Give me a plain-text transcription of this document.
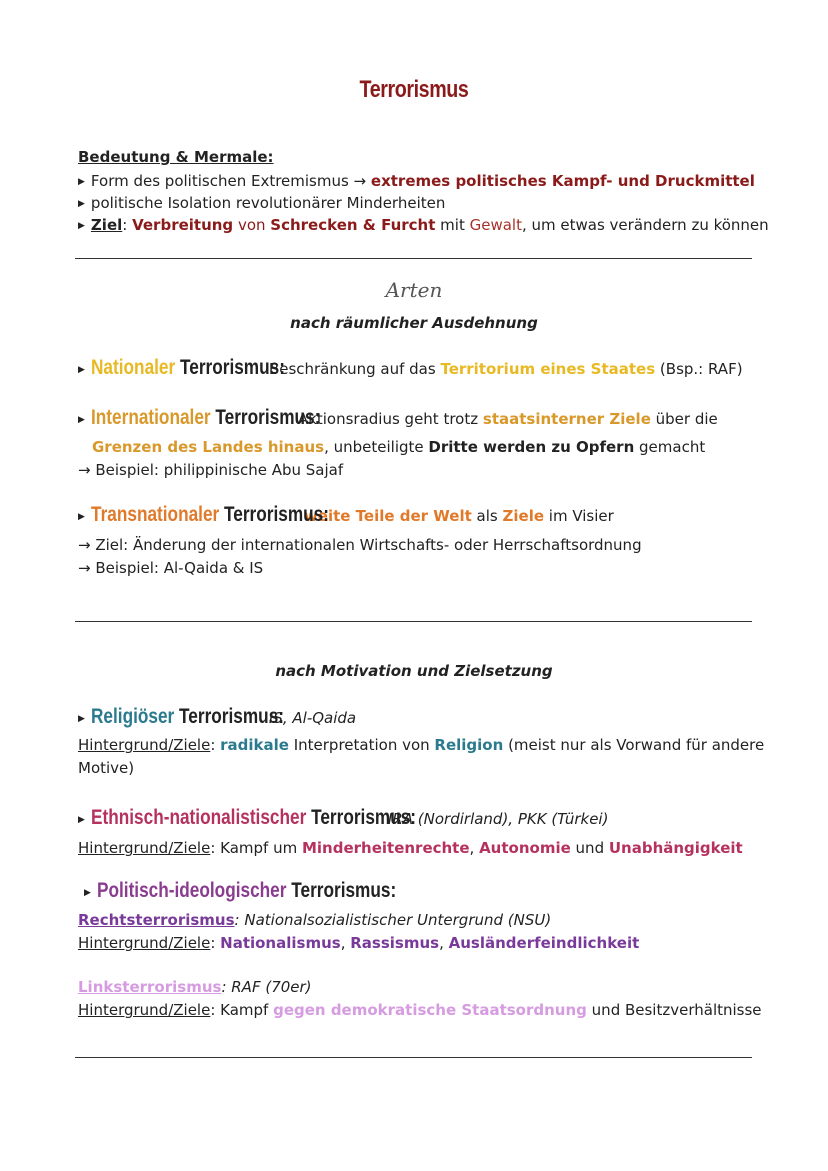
Terrorismus
Bedeutung & Mermale:
▶ Form des politischen Extremismus → extremes politisches Kampf- und Druckmittel
▶ politische Isolation revolutionärer Minderheiten
▶ Ziel: Verbreitung von Schrecken & Furcht mit Gewalt, um etwas verändern zu können
Arten
nach räumlicher Ausdehnung
▶ Nationaler Terrorismus:Beschränkung auf das Territorium eines Staates (Bsp.: RAF)
▶ Internationaler Terrorismus:Aktionsradius geht trotz staatsinterner Ziele über die
Grenzen des Landes hinaus, unbeteiligte Dritte werden zu Opfern gemacht
→ Beispiel: philippinische Abu Sajaf
▶ Transnationaler Terrorismus:weite Teile der Welt als Ziele im Visier
→ Ziel: Änderung der internationalen Wirtschafts- oder Herrschaftsordnung
→ Beispiel: Al-Qaida & IS
nach Motivation und Zielsetzung
▶ Religiöser Terrorismus:IS, Al-Qaida
Hintergrund/Ziele: radikale Interpretation von Religion (meist nur als Vorwand für andere
Motive)
▶ Ethnisch-nationalistischer Terrorismus:IRA (Nordirland), PKK (Türkei)
Hintergrund/Ziele: Kampf um Minderheitenrechte, Autonomie und Unabhängigkeit
▶ Politisch-ideologischer Terrorismus:
Rechtsterrorismus: Nationalsozialistischer Untergrund (NSU)
Hintergrund/Ziele: Nationalismus, Rassismus, Ausländerfeindlichkeit
Linksterrorismus: RAF (70er)
Hintergrund/Ziele: Kampf gegen demokratische Staatsordnung und Besitzverhältnisse
